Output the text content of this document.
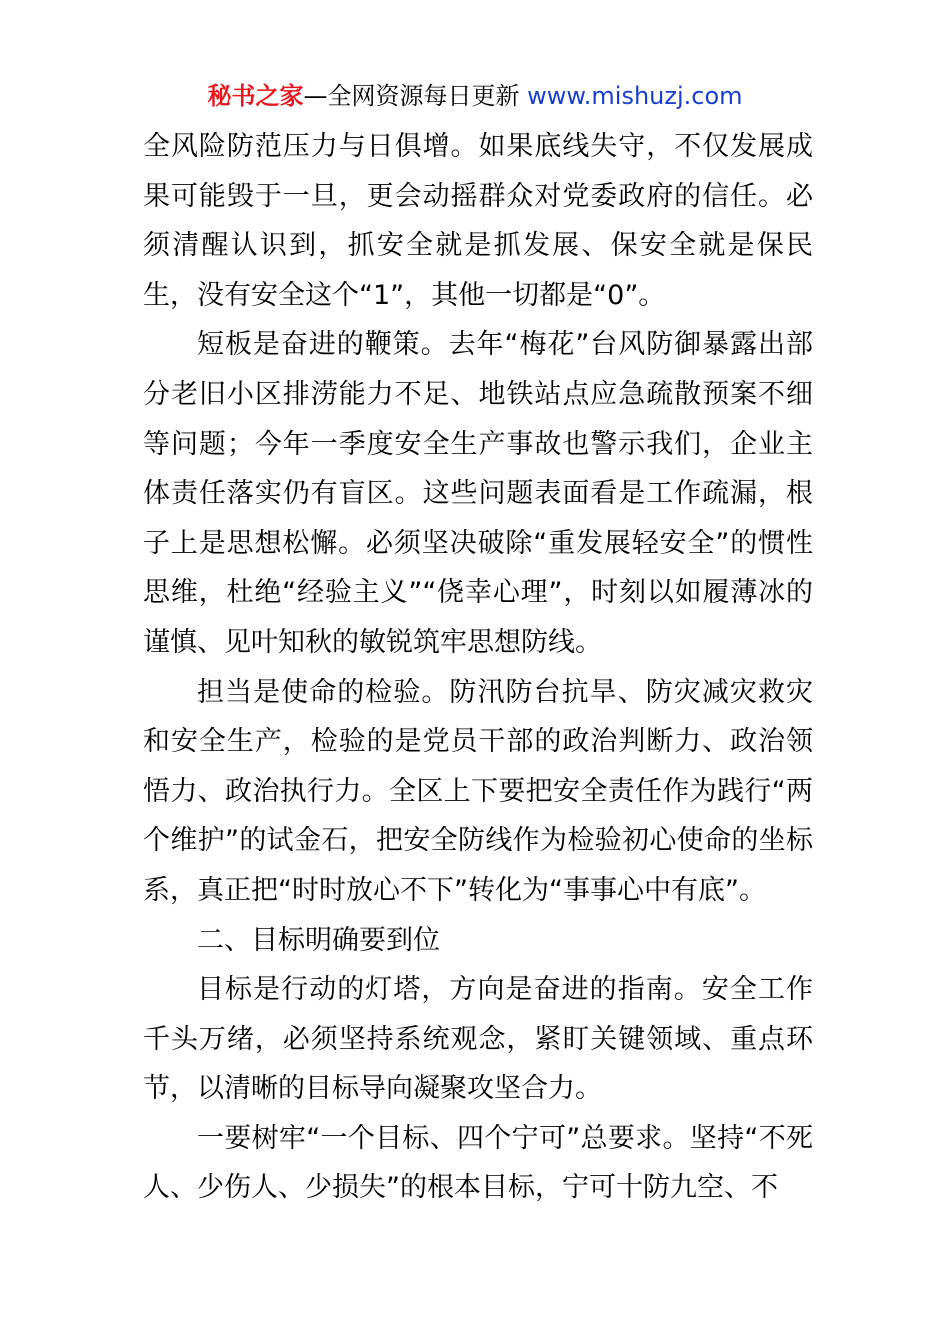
秘书之家—全网资源每日更新 www.mishuzj.com

全风险防范压力与日俱增。如果底线失守，不仅发展成果可能毁于一旦，更会动摇群众对党委政府的信任。必须清醒认识到，抓安全就是抓发展、保安全就是保民生，没有安全这个“1”，其他一切都是“0”。

短板是奋进的鞭策。去年“梅花”台风防御暴露出部分老旧小区排涝能力不足、地铁站点应急疏散预案不细等问题；今年一季度安全生产事故也警示我们，企业主体责任落实仍有盲区。这些问题表面看是工作疏漏，根子上是思想松懈。必须坚决破除“重发展轻安全”的惯性思维，杜绝“经验主义”“侥幸心理”，时刻以如履薄冰的谨慎、见叶知秋的敏锐筑牢思想防线。

担当是使命的检验。防汛防台抗旱、防灾减灾救灾和安全生产，检验的是党员干部的政治判断力、政治领悟力、政治执行力。全区上下要把安全责任作为践行“两个维护”的试金石，把安全防线作为检验初心使命的坐标系，真正把“时时放心不下”转化为“事事心中有底”。

二、目标明确要到位

目标是行动的灯塔，方向是奋进的指南。安全工作千头万绪，必须坚持系统观念，紧盯关键领域、重点环节，以清晰的目标导向凝聚攻坚合力。

一要树牢“一个目标、四个宁可”总要求。坚持“不死人、少伤人、少损失”的根本目标，宁可十防九空、不
